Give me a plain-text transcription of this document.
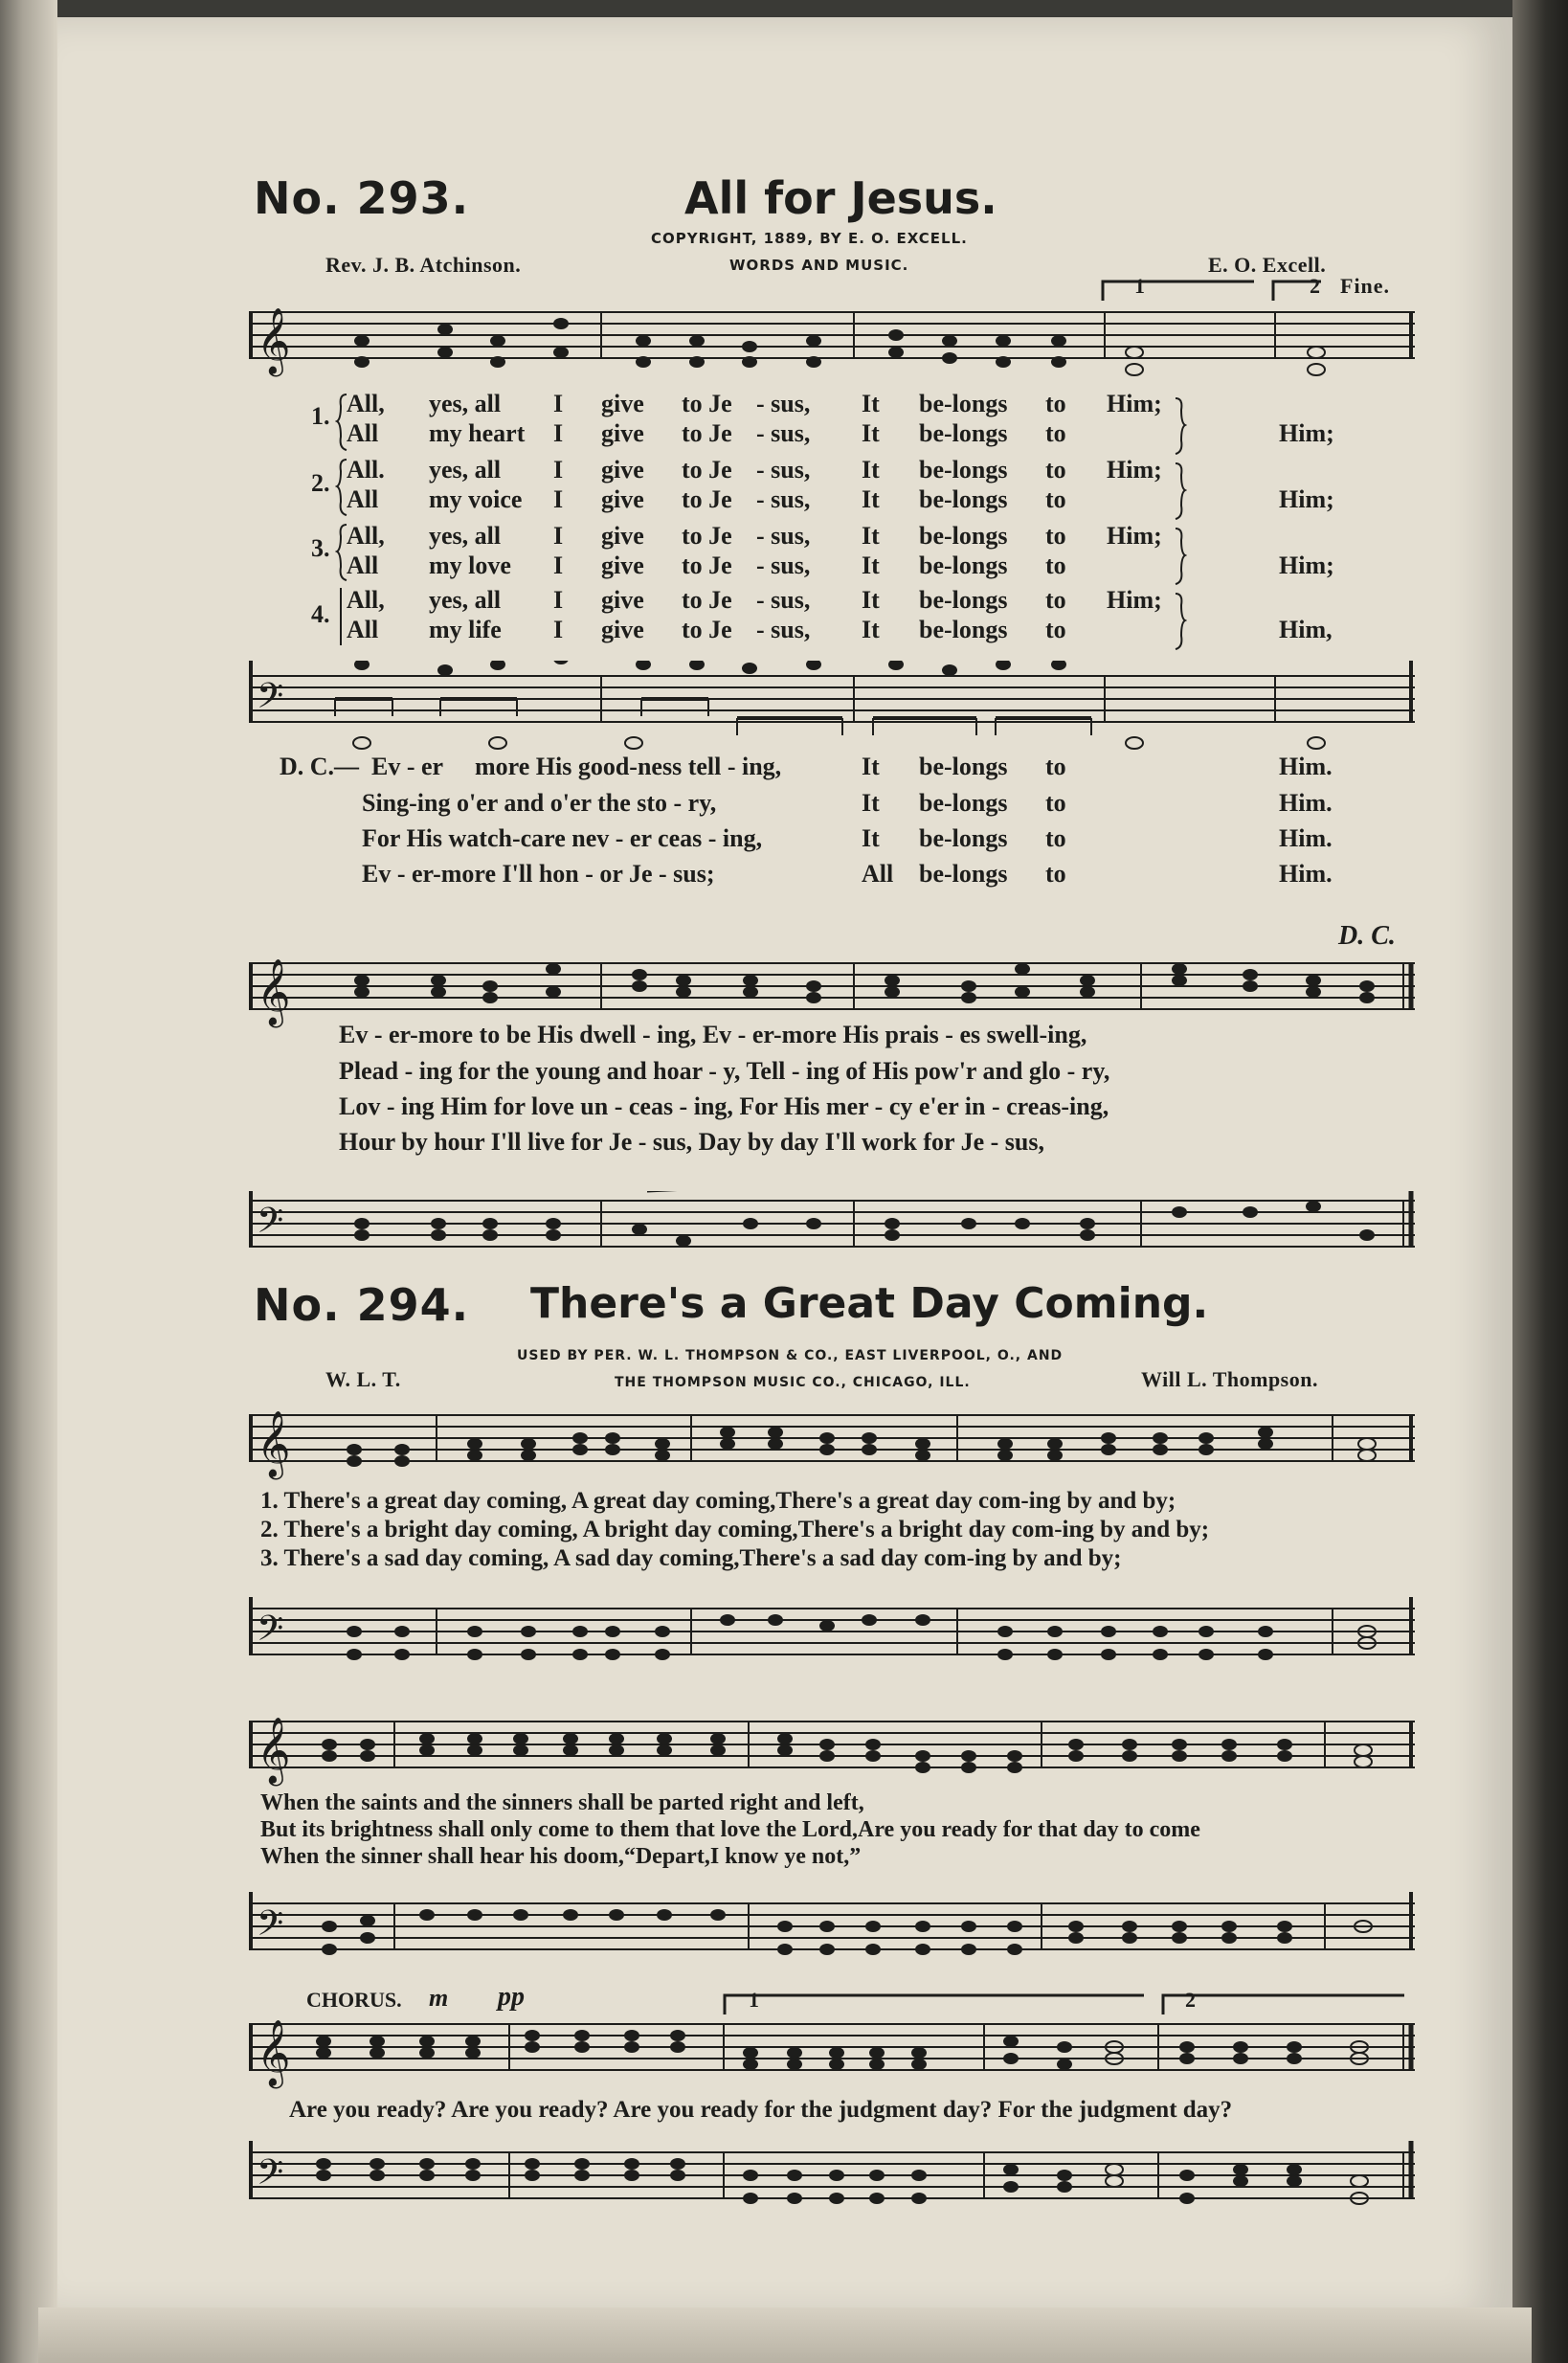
No. 293.	All for Jesus.
COPYRIGHT, 1889, BY E. O. EXCELL.
WORDS AND MUSIC.
Rev. J. B. Atchinson.	E. O. Excell.
1	2 Fine.
𝄞
1. All, yes, all I give to Je - sus, It be-longs to Him;
All my heart I give to Je - sus, It be-longs to	Him;
2. All. yes, all I give to Je - sus, It be-longs to Him;
All my voice I give to Je - sus, It be-longs to	Him;
3. All, yes, all I give to Je - sus, It be-longs to Him;
All my love I give to Je - sus, It be-longs to	Him;
4.
All, yes, all I give to Je - sus, It be-longs to Him;
All my life I give to Je - sus, It be-longs to	Him,
𝄢
D. C.— Ev - er more His good-ness tell - ing,	It be-longs to	Him.
Sing-ing o'er and o'er the sto - ry,	It be-longs to	Him.
For His watch-care nev - er ceas - ing,	It be-longs to	Him.
Ev - er-more I'll hon - or Je - sus;	All be-longs to	Him.
D. C.
𝄞
Ev - er-more to be His dwell - ing, Ev - er-more His prais - es swell-ing,
Plead - ing for the young and hoar - y, Tell - ing of His pow'r and glo - ry,
Lov - ing Him for love un - ceas - ing, For His mer - cy e'er in - creas-ing,
Hour by hour I'll live for Je - sus, Day by day I'll work for Je - sus,
𝄢
No. 294. There's a Great Day Coming.
USED BY PER. W. L. THOMPSON & CO., EAST LIVERPOOL, O., AND
THE THOMPSON MUSIC CO., CHICAGO, ILL.
W. L. T.	Will L. Thompson.
𝄞
1. There's a great day coming, A great day coming,There's a great day com-ing by and by;
2. There's a bright day coming, A bright day coming,There's a bright day com-ing by and by;
3. There's a sad day coming, A sad day coming,There's a sad day com-ing by and by;
𝄢
𝄞
When the saints and the sinners shall be parted right and left,
But its brightness shall only come to them that love the Lord,Are you ready for that day to come
When the sinner shall hear his doom,“Depart,I know ye not,”
𝄢
CHORUS. m pp	1	2
𝄞
Are you ready? Are you ready? Are you ready for the judgment day? For the judgment day?
𝄢
